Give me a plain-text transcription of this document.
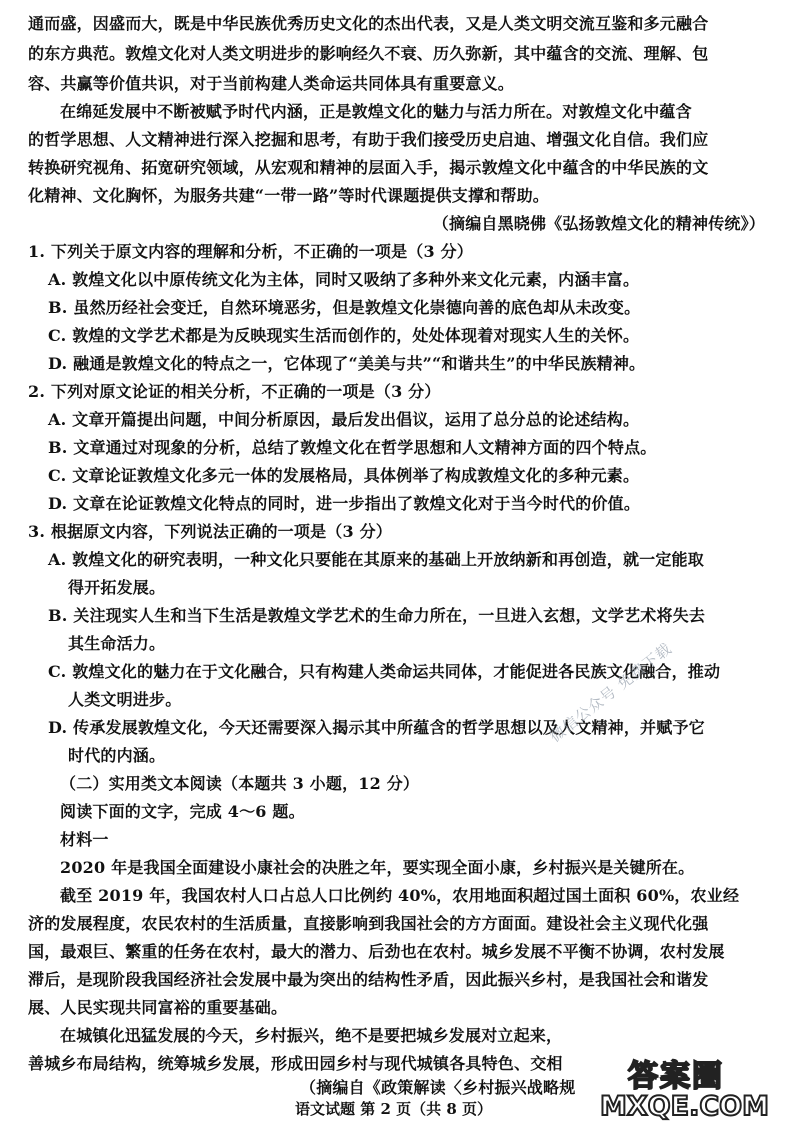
通而盛，因盛而大，既是中华民族优秀历史文化的杰出代表，又是人类文明交流互鉴和多元融合
的东方典范。敦煌文化对人类文明进步的影响经久不衰、历久弥新，其中蕴含的交流、理解、包
容、共赢等价值共识，对于当前构建人类命运共同体具有重要意义。
在绵延发展中不断被赋予时代内涵，正是敦煌文化的魅力与活力所在。对敦煌文化中蕴含
的哲学思想、人文精神进行深入挖掘和思考，有助于我们接受历史启迪、增强文化自信。我们应
转换研究视角、拓宽研究领域，从宏观和精神的层面入手，揭示敦煌文化中蕴含的中华民族的文
化精神、文化胸怀，为服务共建“一带一路”等时代课题提供支撑和帮助。
（摘编自黑晓佛《弘扬敦煌文化的精神传统》）
1. 下列关于原文内容的理解和分析，不正确的一项是（3 分）
A. 敦煌文化以中原传统文化为主体，同时又吸纳了多种外来文化元素，内涵丰富。
B. 虽然历经社会变迁，自然环境恶劣，但是敦煌文化崇德向善的底色却从未改变。
C. 敦煌的文学艺术都是为反映现实生活而创作的，处处体现着对现实人生的关怀。
D. 融通是敦煌文化的特点之一，它体现了“美美与共”“和谐共生”的中华民族精神。
2. 下列对原文论证的相关分析，不正确的一项是（3 分）
A. 文章开篇提出问题，中间分析原因，最后发出倡议，运用了总分总的论述结构。
B. 文章通过对现象的分析，总结了敦煌文化在哲学思想和人文精神方面的四个特点。
C. 文章论证敦煌文化多元一体的发展格局，具体例举了构成敦煌文化的多种元素。
D. 文章在论证敦煌文化特点的同时，进一步指出了敦煌文化对于当今时代的价值。
3. 根据原文内容，下列说法正确的一项是（3 分）
A. 敦煌文化的研究表明，一种文化只要能在其原来的基础上开放纳新和再创造，就一定能取
得开拓发展。
B. 关注现实人生和当下生活是敦煌文学艺术的生命力所在，一旦进入玄想，文学艺术将失去
其生命活力。
C. 敦煌文化的魅力在于文化融合，只有构建人类命运共同体，才能促进各民族文化融合，推动
人类文明进步。
D. 传承发展敦煌文化，今天还需要深入揭示其中所蕴含的哲学思想以及人文精神，并赋予它
时代的内涵。
（二）实用类文本阅读（本题共 3 小题，12 分）
阅读下面的文字，完成 4～6 题。
材料一
2020 年是我国全面建设小康社会的决胜之年，要实现全面小康，乡村振兴是关键所在。
截至 2019 年，我国农村人口占总人口比例约 40%，农用地面积超过国土面积 60%，农业经
济的发展程度，农民农村的生活质量，直接影响到我国社会的方方面面。建设社会主义现代化强
国，最艰巨、繁重的任务在农村，最大的潜力、后劲也在农村。城乡发展不平衡不协调，农村发展
滞后，是现阶段我国经济社会发展中最为突出的结构性矛盾，因此振兴乡村，是我国社会和谐发
展、人民实现共同富裕的重要基础。
在城镇化迅猛发展的今天，乡村振兴，绝不是要把城乡发展对立起来，
善城乡布局结构，统筹城乡发展，形成田园乡村与现代城镇各具特色、交相
（摘编自《政策解读〈乡村振兴战略规
微信公众号 免费下载
答案圈
MXQE.COM
语文试题 第 2 页（共 8 页）
